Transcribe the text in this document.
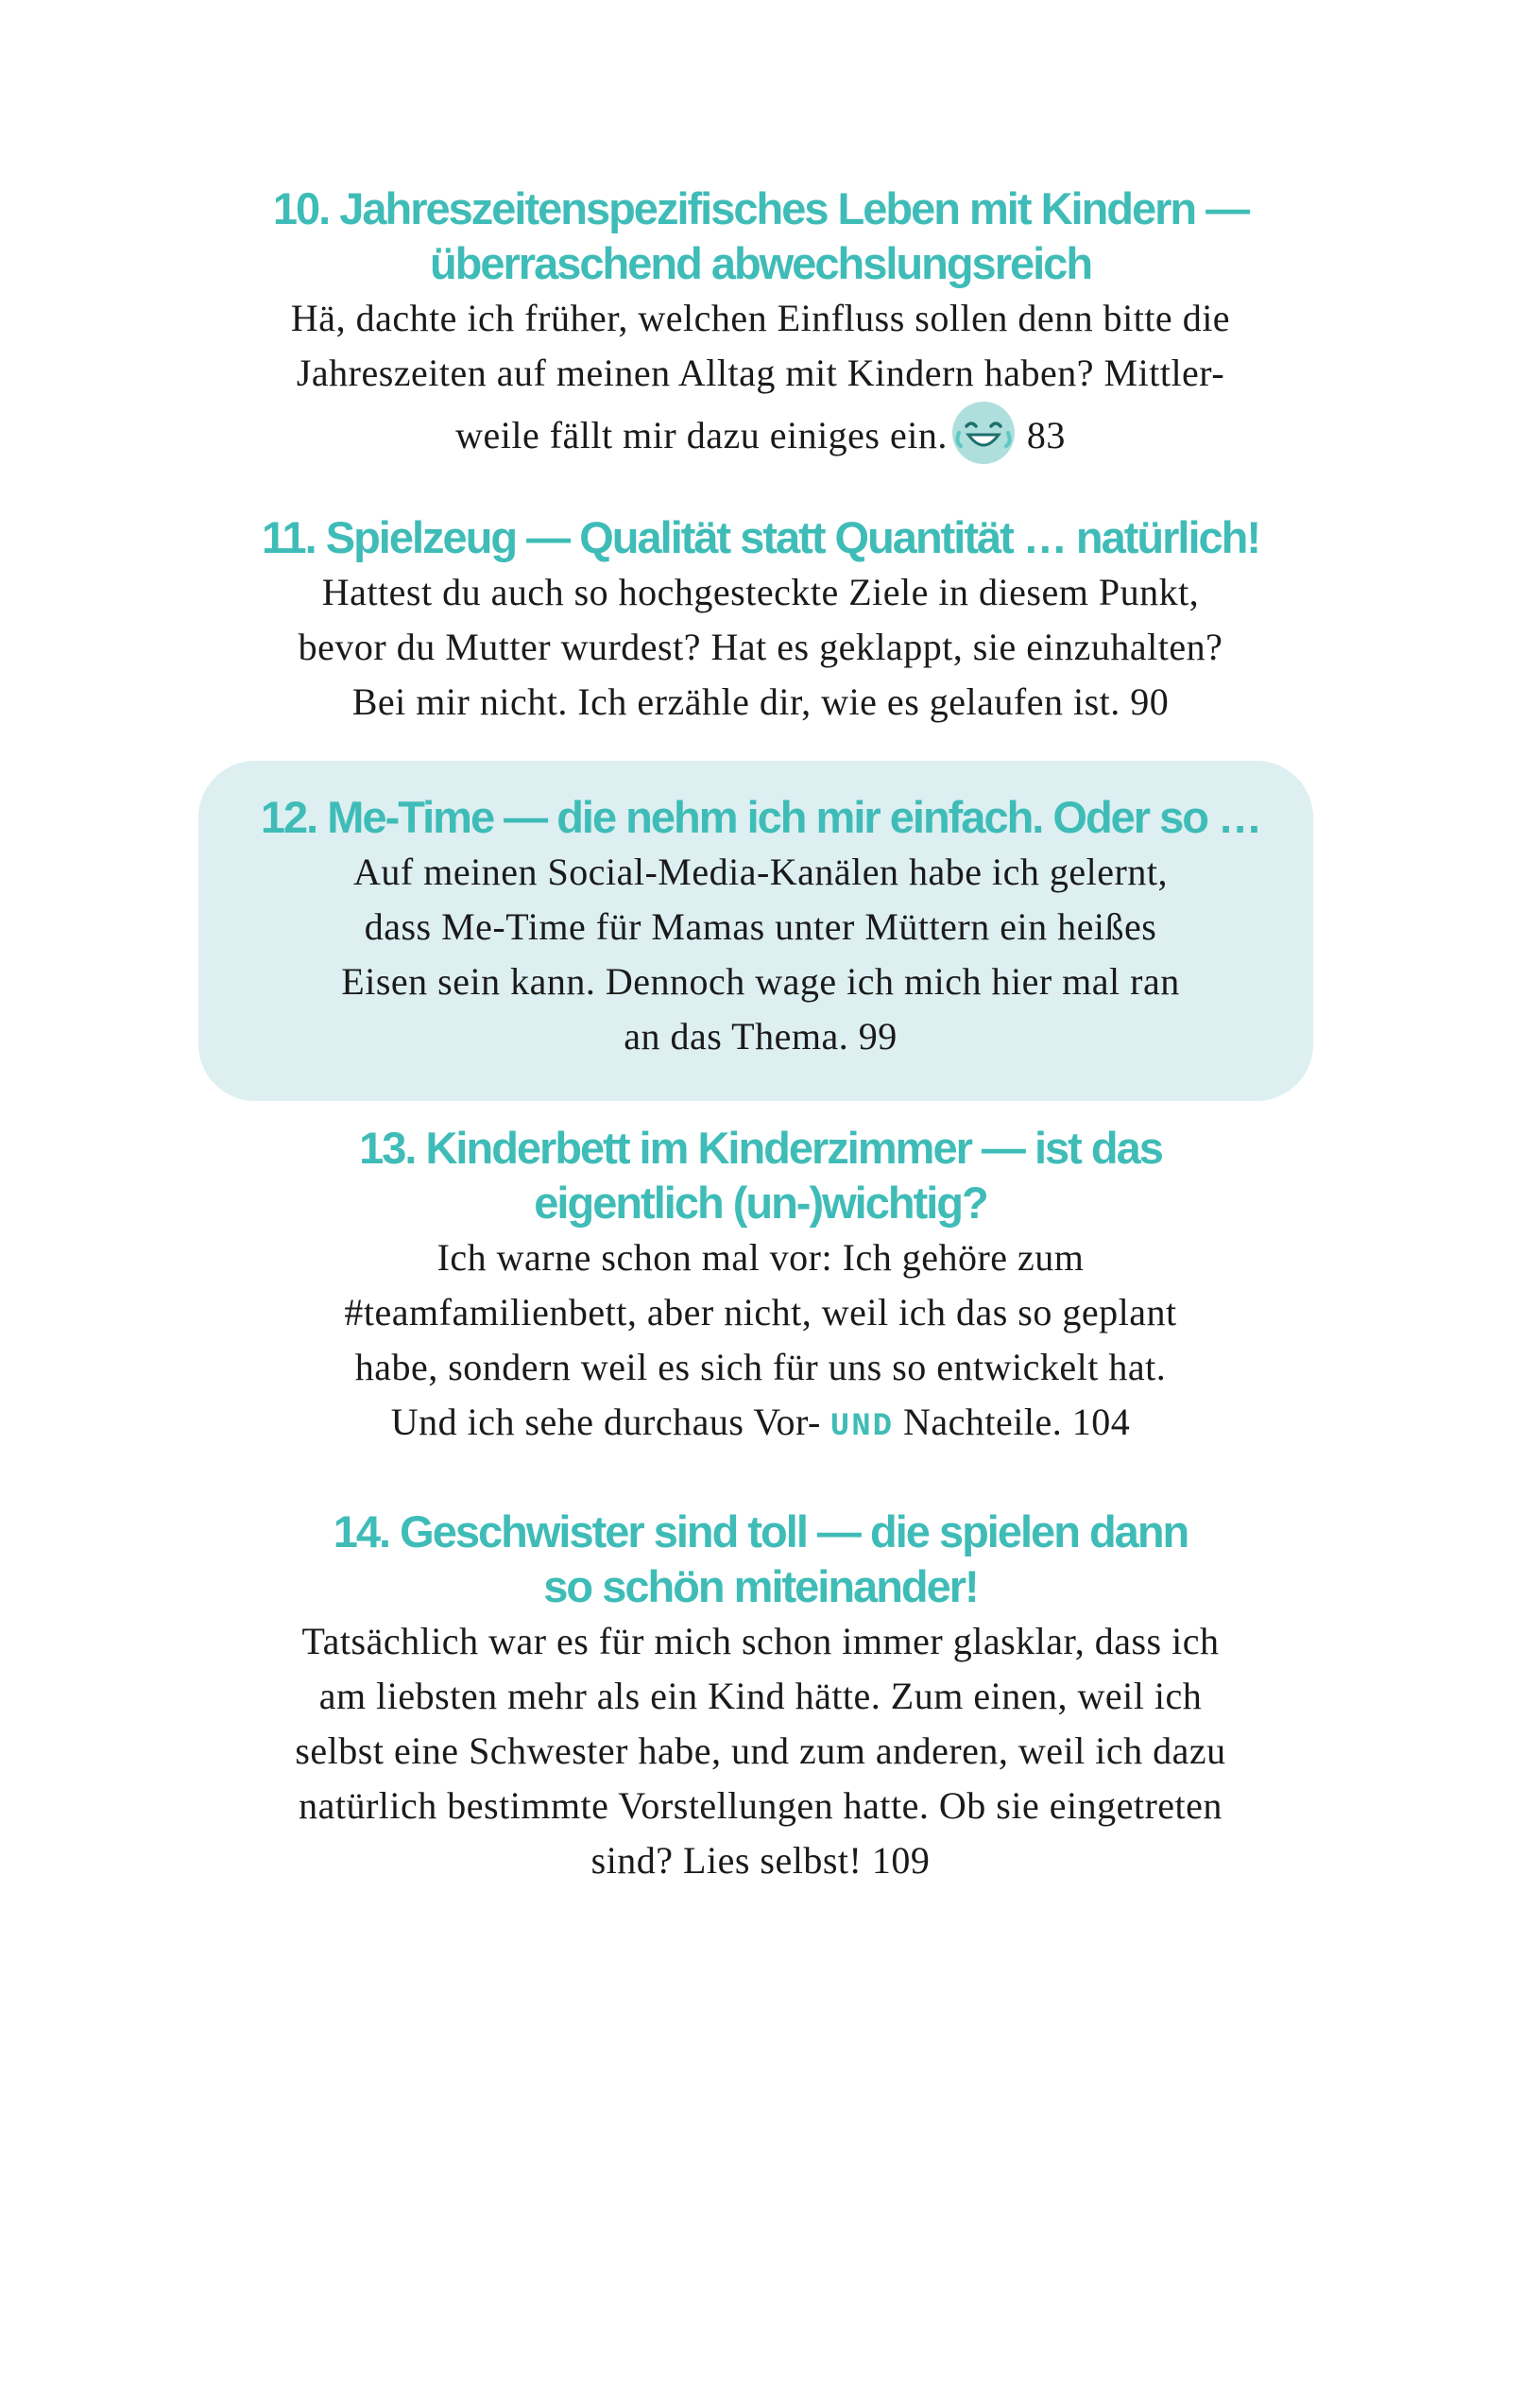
10. Jahreszeitenspezifisches Leben mit Kindern —
überraschend abwechslungsreich

Hä, dachte ich früher, welchen Einfluss sollen denn bitte die
Jahreszeiten auf meinen Alltag mit Kindern haben? Mittler-
weile fällt mir dazu einiges ein. 83

11. Spielzeug — Qualität statt Quantität … natürlich!

Hattest du auch so hochgesteckte Ziele in diesem Punkt,
bevor du Mutter wurdest? Hat es geklappt, sie einzuhalten?
Bei mir nicht. Ich erzähle dir, wie es gelaufen ist. 90

12. Me-Time — die nehm ich mir einfach. Oder so …

Auf meinen Social-Media-Kanälen habe ich gelernt,
dass Me-Time für Mamas unter Müttern ein heißes
Eisen sein kann. Dennoch wage ich mich hier mal ran
an das Thema. 99

13. Kinderbett im Kinderzimmer — ist das
eigentlich (un-)wichtig?

Ich warne schon mal vor: Ich gehöre zum
#teamfamilienbett, aber nicht, weil ich das so geplant
habe, sondern weil es sich für uns so entwickelt hat.
Und ich sehe durchaus Vor- UND Nachteile. 104

14. Geschwister sind toll — die spielen dann
so schön miteinander!

Tatsächlich war es für mich schon immer glasklar, dass ich
am liebsten mehr als ein Kind hätte. Zum einen, weil ich
selbst eine Schwester habe, und zum anderen, weil ich dazu
natürlich bestimmte Vorstellungen hatte. Ob sie eingetreten
sind? Lies selbst! 109
